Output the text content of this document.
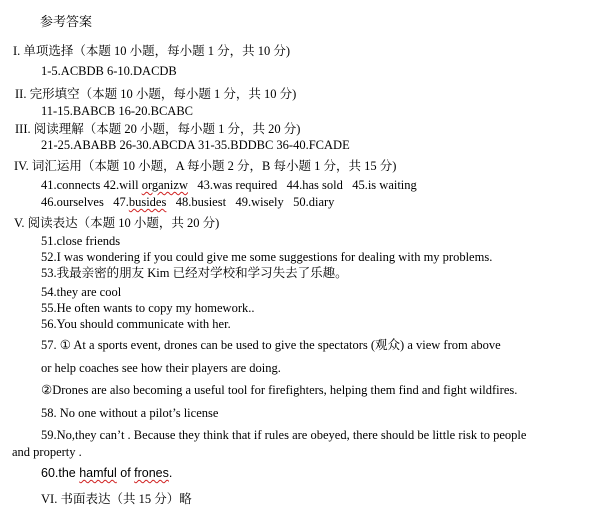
参考答案
I. 单项选择（本题 10 小题，每小题 1 分，共 10 分)
1-5.ACBDB 6-10.DACDB
II. 完形填空（本题 10 小题，每小题 1 分，共 10 分)
11-15.BABCB 16-20.BCABC
III. 阅读理解（本题 20 小题，每小题 1 分，共 20 分)
21-25.ABABB 26-30.ABCDA 31-35.BDDBC 36-40.FCADE
IV. 词汇运用（本题 10 小题，A 每小题 2 分，B 每小题 1 分，共 15 分)
41.connects 42.will organizw 43.was required 44.has sold 45.is waiting
46.ourselves 47.busides 48.busiest 49.wisely 50.diary
V. 阅读表达（本题 10 小题，共 20 分)
51.close friends
52.I was wondering if you could give me some suggestions for dealing with my problems.
53.我最亲密的朋友 Kim 已经对学校和学习失去了乐趣。
54.they are cool
55.He often wants to copy my homework..
56.You should communicate with her.
57. ① At a sports event, drones can be used to give the spectators (观众) a view from above
or help coaches see how their players are doing.
②Drones are also becoming a useful tool for firefighters, helping them find and fight wildfires.
58. No one without a pilot’s license
59.No,they can’t . Because they think that if rules are obeyed, there should be little risk to people
and property .
60.the hamful of frones.
VI. 书面表达（共 15 分）略
